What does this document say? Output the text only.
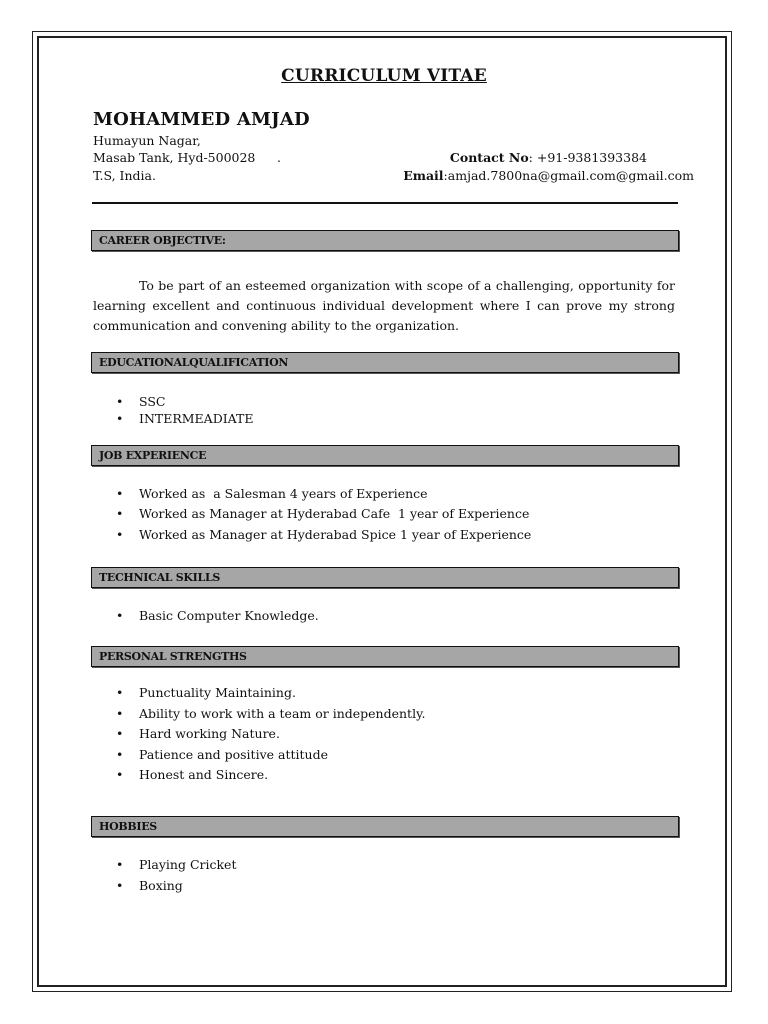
CURRICULUM VITAE
MOHAMMED AMJAD
Humayun Nagar,
Masab Tank, Hyd-500028 .
T.S, India.
Contact No: +91-9381393384
Email:amjad.7800na@gmail.com@gmail.com
CAREER OBJECTIVE:
To be part of an esteemed organization with scope of a challenging, opportunity for learning excellent and continuous individual development where I can prove my strong communication and convening ability to the organization.
EDUCATIONALQUALIFICATION
• SSC
• INTERMEADIATE
JOB EXPERIENCE
• Worked as  a Salesman 4 years of Experience
• Worked as Manager at Hyderabad Cafe  1 year of Experience
• Worked as Manager at Hyderabad Spice 1 year of Experience
TECHNICAL SKILLS
• Basic Computer Knowledge.
PERSONAL STRENGTHS
• Punctuality Maintaining.
• Ability to work with a team or independently.
• Hard working Nature.
• Patience and positive attitude
• Honest and Sincere.
HOBBIES
• Playing Cricket
• Boxing
